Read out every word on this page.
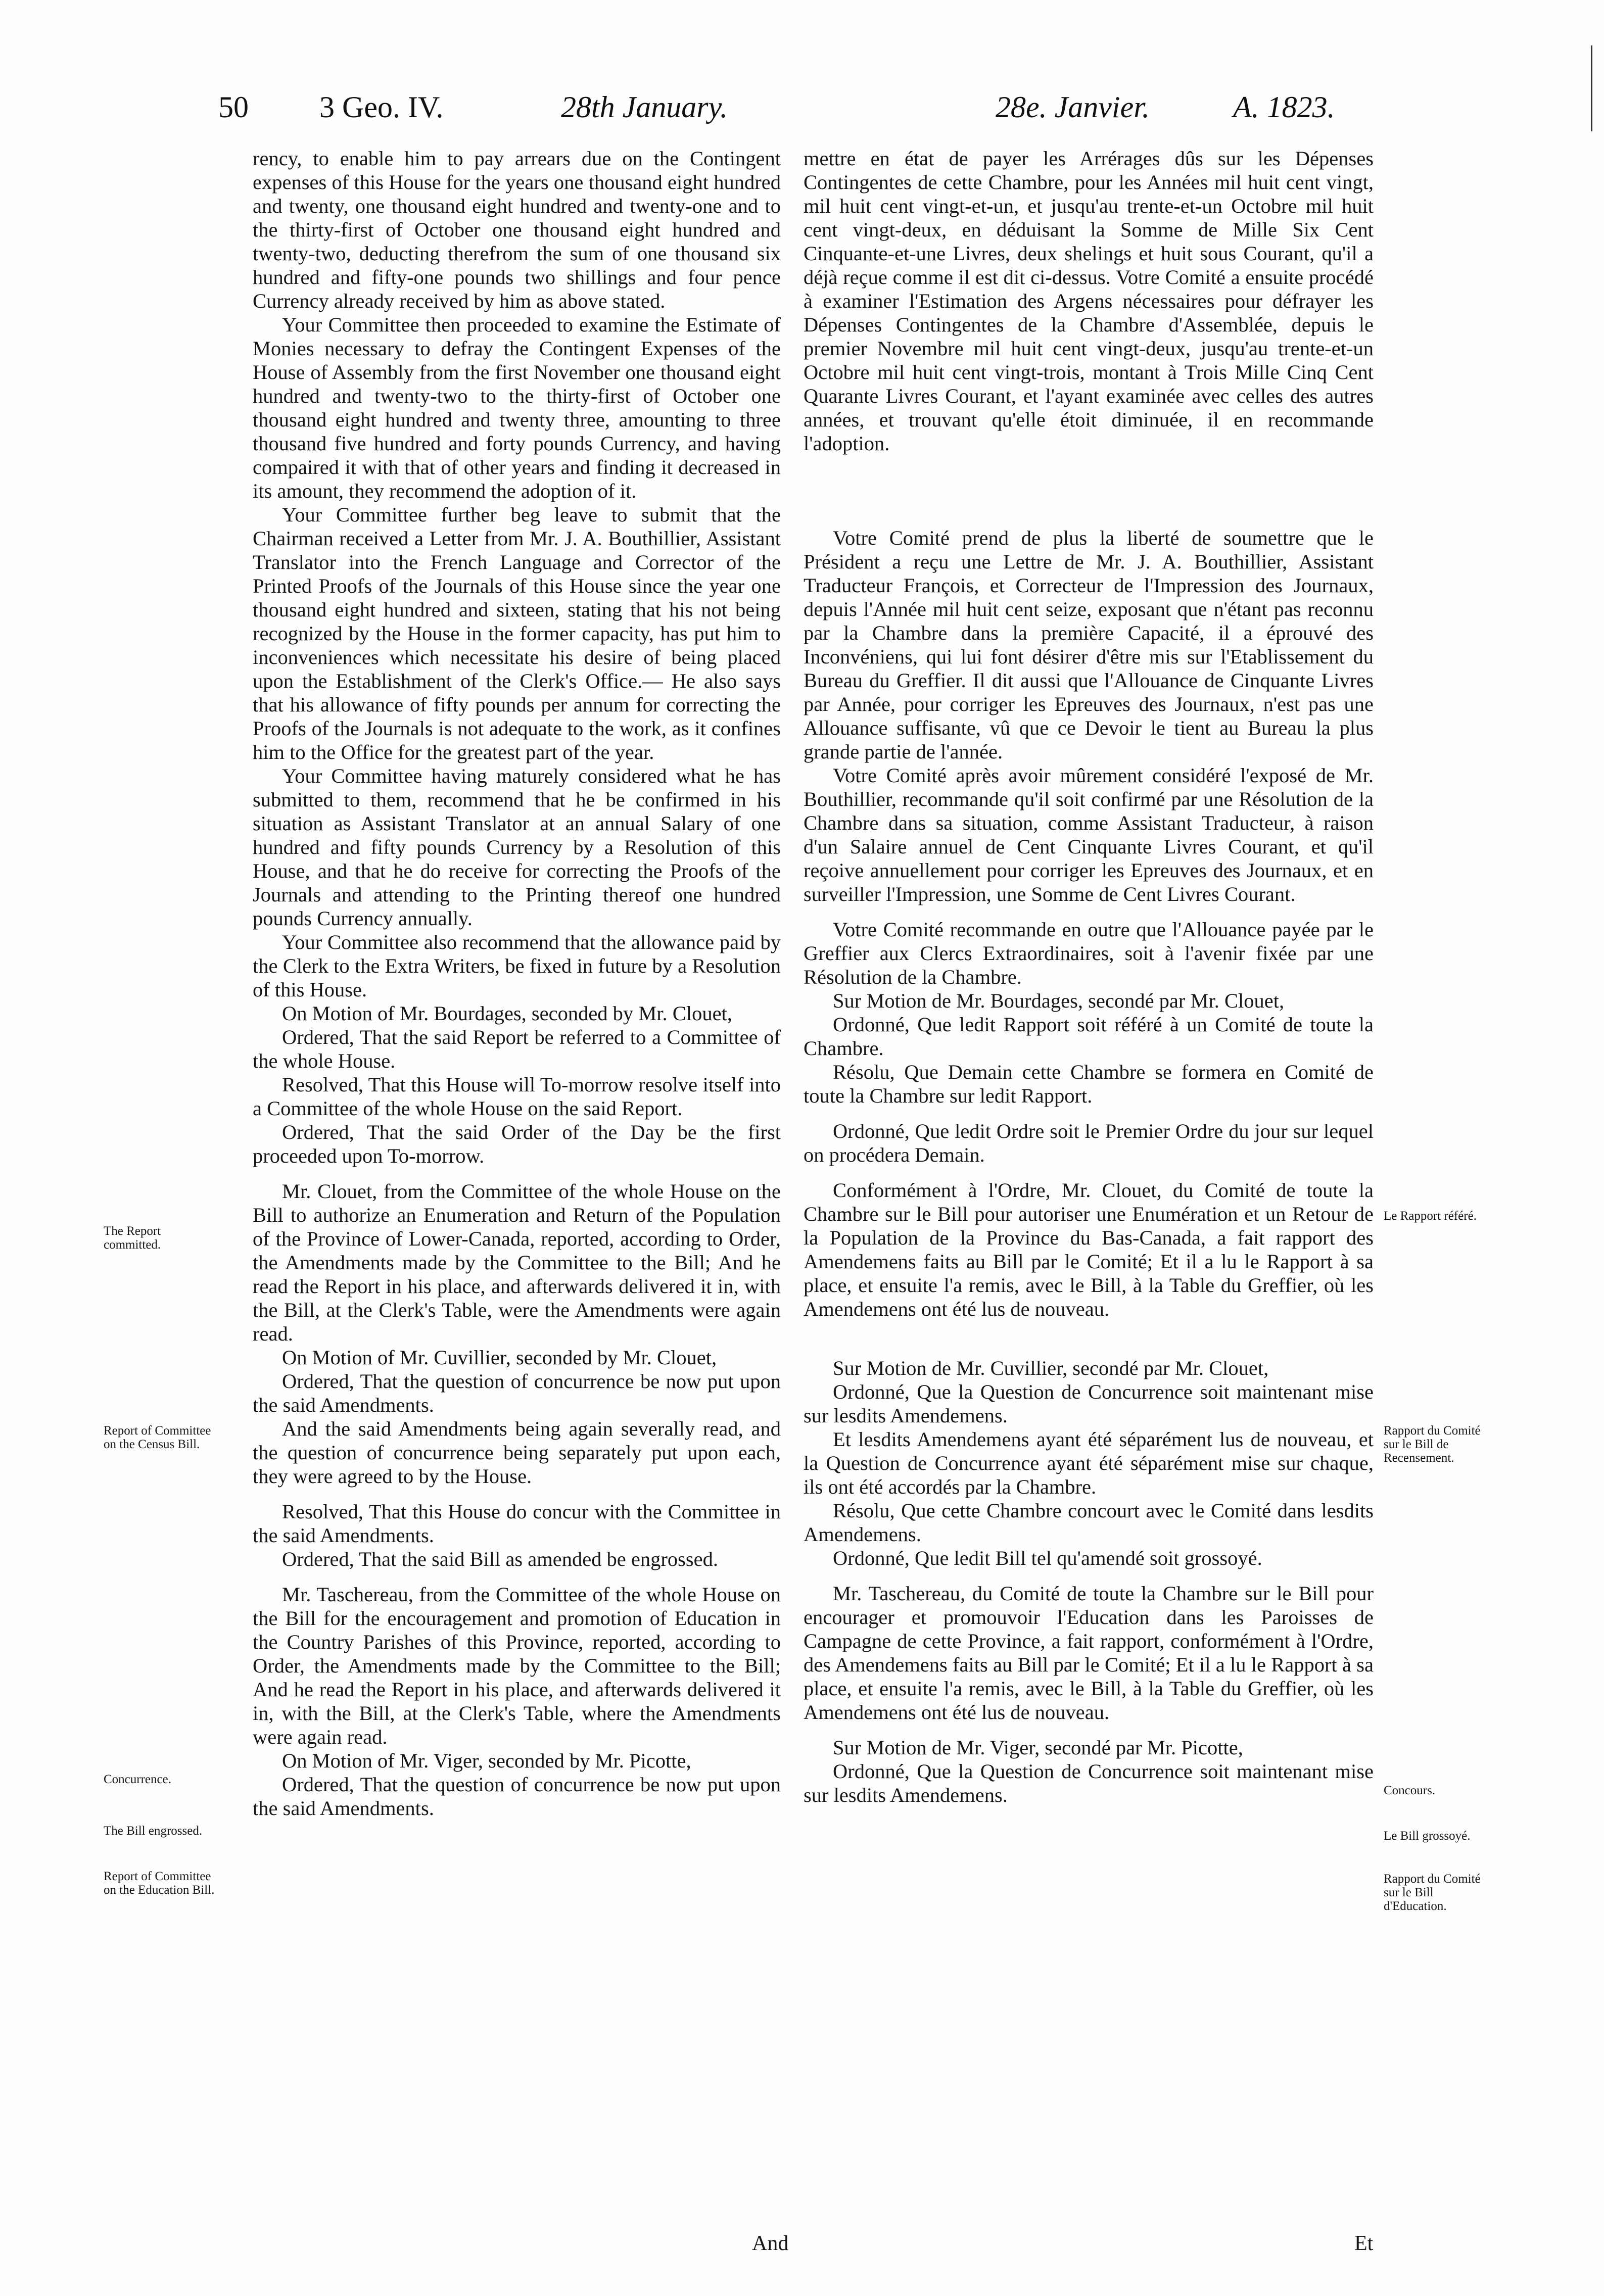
50 3 Geo. IV.	28th January.	28e. Janvier.	A. 1823.

rency, to enable him to pay arrears due on the Contingent expenses of this House for the years one thousand eight hundred and twenty, one thousand eight hundred and twenty-one and to the thirty-first of October one thousand eight hundred and twenty-two, deducting therefrom the sum of one thousand six hundred and fifty-one pounds two shillings and four pence Currency already received by him as above stated.

Your Committee then proceeded to examine the Estimate of Monies necessary to defray the Contingent Expenses of the House of Assembly from the first November one thousand eight hundred and twenty-two to the thirty-first of October one thousand eight hundred and twenty three, amounting to three thousand five hundred and forty pounds Currency, and having compaired it with that of other years and finding it decreased in its amount, they recommend the adoption of it.

Your Committee further beg leave to submit that the Chairman received a Letter from Mr. J. A. Bouthillier, Assistant Translator into the French Language and Corrector of the Printed Proofs of the Journals of this House since the year one thousand eight hundred and sixteen, stating that his not being recognized by the House in the former capacity, has put him to inconveniences which necessitate his desire of being placed upon the Establishment of the Clerk's Office.— He also says that his allowance of fifty pounds per annum for correcting the Proofs of the Journals is not adequate to the work, as it confines him to the Office for the greatest part of the year.

Your Committee having maturely considered what he has submitted to them, recommend that he be confirmed in his situation as Assistant Translator at an annual Salary of one hundred and fifty pounds Currency by a Resolution of this House, and that he do receive for correcting the Proofs of the Journals and attending to the Printing thereof one hundred pounds Currency annually.

Your Committee also recommend that the allowance paid by the Clerk to the Extra Writers, be fixed in future by a Resolution of this House.

On Motion of Mr. Bourdages, seconded by Mr. Clouet,

Ordered, That the said Report be referred to a Committee of the whole House.

Resolved, That this House will To-morrow resolve itself into a Committee of the whole House on the said Report.

Ordered, That the said Order of the Day be the first proceeded upon To-morrow.

Mr. Clouet, from the Committee of the whole House on the Bill to authorize an Enumeration and Return of the Population of the Province of Lower-Canada, reported, according to Order, the Amendments made by the Committee to the Bill; And he read the Report in his place, and afterwards delivered it in, with the Bill, at the Clerk's Table, were the Amendments were again read.

On Motion of Mr. Cuvillier, seconded by Mr. Clouet,

Ordered, That the question of concurrence be now put upon the said Amendments.

And the said Amendments being again severally read, and the question of concurrence being separately put upon each, they were agreed to by the House.

Resolved, That this House do concur with the Committee in the said Amendments.

Ordered, That the said Bill as amended be engrossed.

Mr. Taschereau, from the Committee of the whole House on the Bill for the encouragement and promotion of Education in the Country Parishes of this Province, reported, according to Order, the Amendments made by the Committee to the Bill; And he read the Report in his place, and afterwards delivered it in, with the Bill, at the Clerk's Table, where the Amendments were again read.

On Motion of Mr. Viger, seconded by Mr. Picotte,

Ordered, That the question of concurrence be now put upon the said Amendments.

mettre en état de payer les Arrérages dûs sur les Dépenses Contingentes de cette Chambre, pour les Années mil huit cent vingt, mil huit cent vingt-et-un, et jusqu'au trente-et-un Octobre mil huit cent vingt-deux, en déduisant la Somme de Mille Six Cent Cinquante-et-une Livres, deux shelings et huit sous Courant, qu'il a déjà reçue comme il est dit ci-dessus. Votre Comité a ensuite procédé à examiner l'Estimation des Argens nécessaires pour défrayer les Dépenses Contingentes de la Chambre d'Assemblée, depuis le premier Novembre mil huit cent vingt-deux, jusqu'au trente-et-un Octobre mil huit cent vingt-trois, montant à Trois Mille Cinq Cent Quarante Livres Courant, et l'ayant examinée avec celles des autres années, et trouvant qu'elle étoit diminuée, il en recommande l'adoption.

Votre Comité prend de plus la liberté de soumettre que le Président a reçu une Lettre de Mr. J. A. Bouthillier, Assistant Traducteur François, et Correcteur de l'Impression des Journaux, depuis l'Année mil huit cent seize, exposant que n'étant pas reconnu par la Chambre dans la première Capacité, il a éprouvé des Inconvéniens, qui lui font désirer d'être mis sur l'Etablissement du Bureau du Greffier. Il dit aussi que l'Allouance de Cinquante Livres par Année, pour corriger les Epreuves des Journaux, n'est pas une Allouance suffisante, vû que ce Devoir le tient au Bureau la plus grande partie de l'année.

Votre Comité après avoir mûrement considéré l'exposé de Mr. Bouthillier, recommande qu'il soit confirmé par une Résolution de la Chambre dans sa situation, comme Assistant Traducteur, à raison d'un Salaire annuel de Cent Cinquante Livres Courant, et qu'il reçoive annuellement pour corriger les Epreuves des Journaux, et en surveiller l'Impression, une Somme de Cent Livres Courant.

Votre Comité recommande en outre que l'Allouance payée par le Greffier aux Clercs Extraordinaires, soit à l'avenir fixée par une Résolution de la Chambre.

Sur Motion de Mr. Bourdages, secondé par Mr. Clouet,

Ordonné, Que ledit Rapport soit référé à un Comité de toute la Chambre.

Résolu, Que Demain cette Chambre se formera en Comité de toute la Chambre sur ledit Rapport.

Ordonné, Que ledit Ordre soit le Premier Ordre du jour sur lequel on procédera Demain.

Conformément à l'Ordre, Mr. Clouet, du Comité de toute la Chambre sur le Bill pour autoriser une Enumération et un Retour de la Population de la Province du Bas-Canada, a fait rapport des Amendemens faits au Bill par le Comité; Et il a lu le Rapport à sa place, et ensuite l'a remis, avec le Bill, à la Table du Greffier, où les Amendemens ont été lus de nouveau.

Sur Motion de Mr. Cuvillier, secondé par Mr. Clouet,

Ordonné, Que la Question de Concurrence soit maintenant mise sur lesdits Amendemens.

Et lesdits Amendemens ayant été séparément lus de nouveau, et la Question de Concurrence ayant été séparément mise sur chaque, ils ont été accordés par la Chambre.

Résolu, Que cette Chambre concourt avec le Comité dans lesdits Amendemens.

Ordonné, Que ledit Bill tel qu'amendé soit grossoyé.

Mr. Taschereau, du Comité de toute la Chambre sur le Bill pour encourager et promouvoir l'Education dans les Paroisses de Campagne de cette Province, a fait rapport, conformément à l'Ordre, des Amendemens faits au Bill par le Comité; Et il a lu le Rapport à sa place, et ensuite l'a remis, avec le Bill, à la Table du Greffier, où les Amendemens ont été lus de nouveau.

Sur Motion de Mr. Viger, secondé par Mr. Picotte,

Ordonné, Que la Question de Concurrence soit maintenant mise sur lesdits Amendemens.

The Report committed.
Report of Committee on the Census Bill.
Concurrence.
The Bill engrossed.
Report of Committee on the Education Bill.
Le Rapport référé.
Rapport du Comité sur le Bill de Recensement.
Concours.
Le Bill grossoyé.
Rapport du Comité sur le Bill d'Education.
And	Et
